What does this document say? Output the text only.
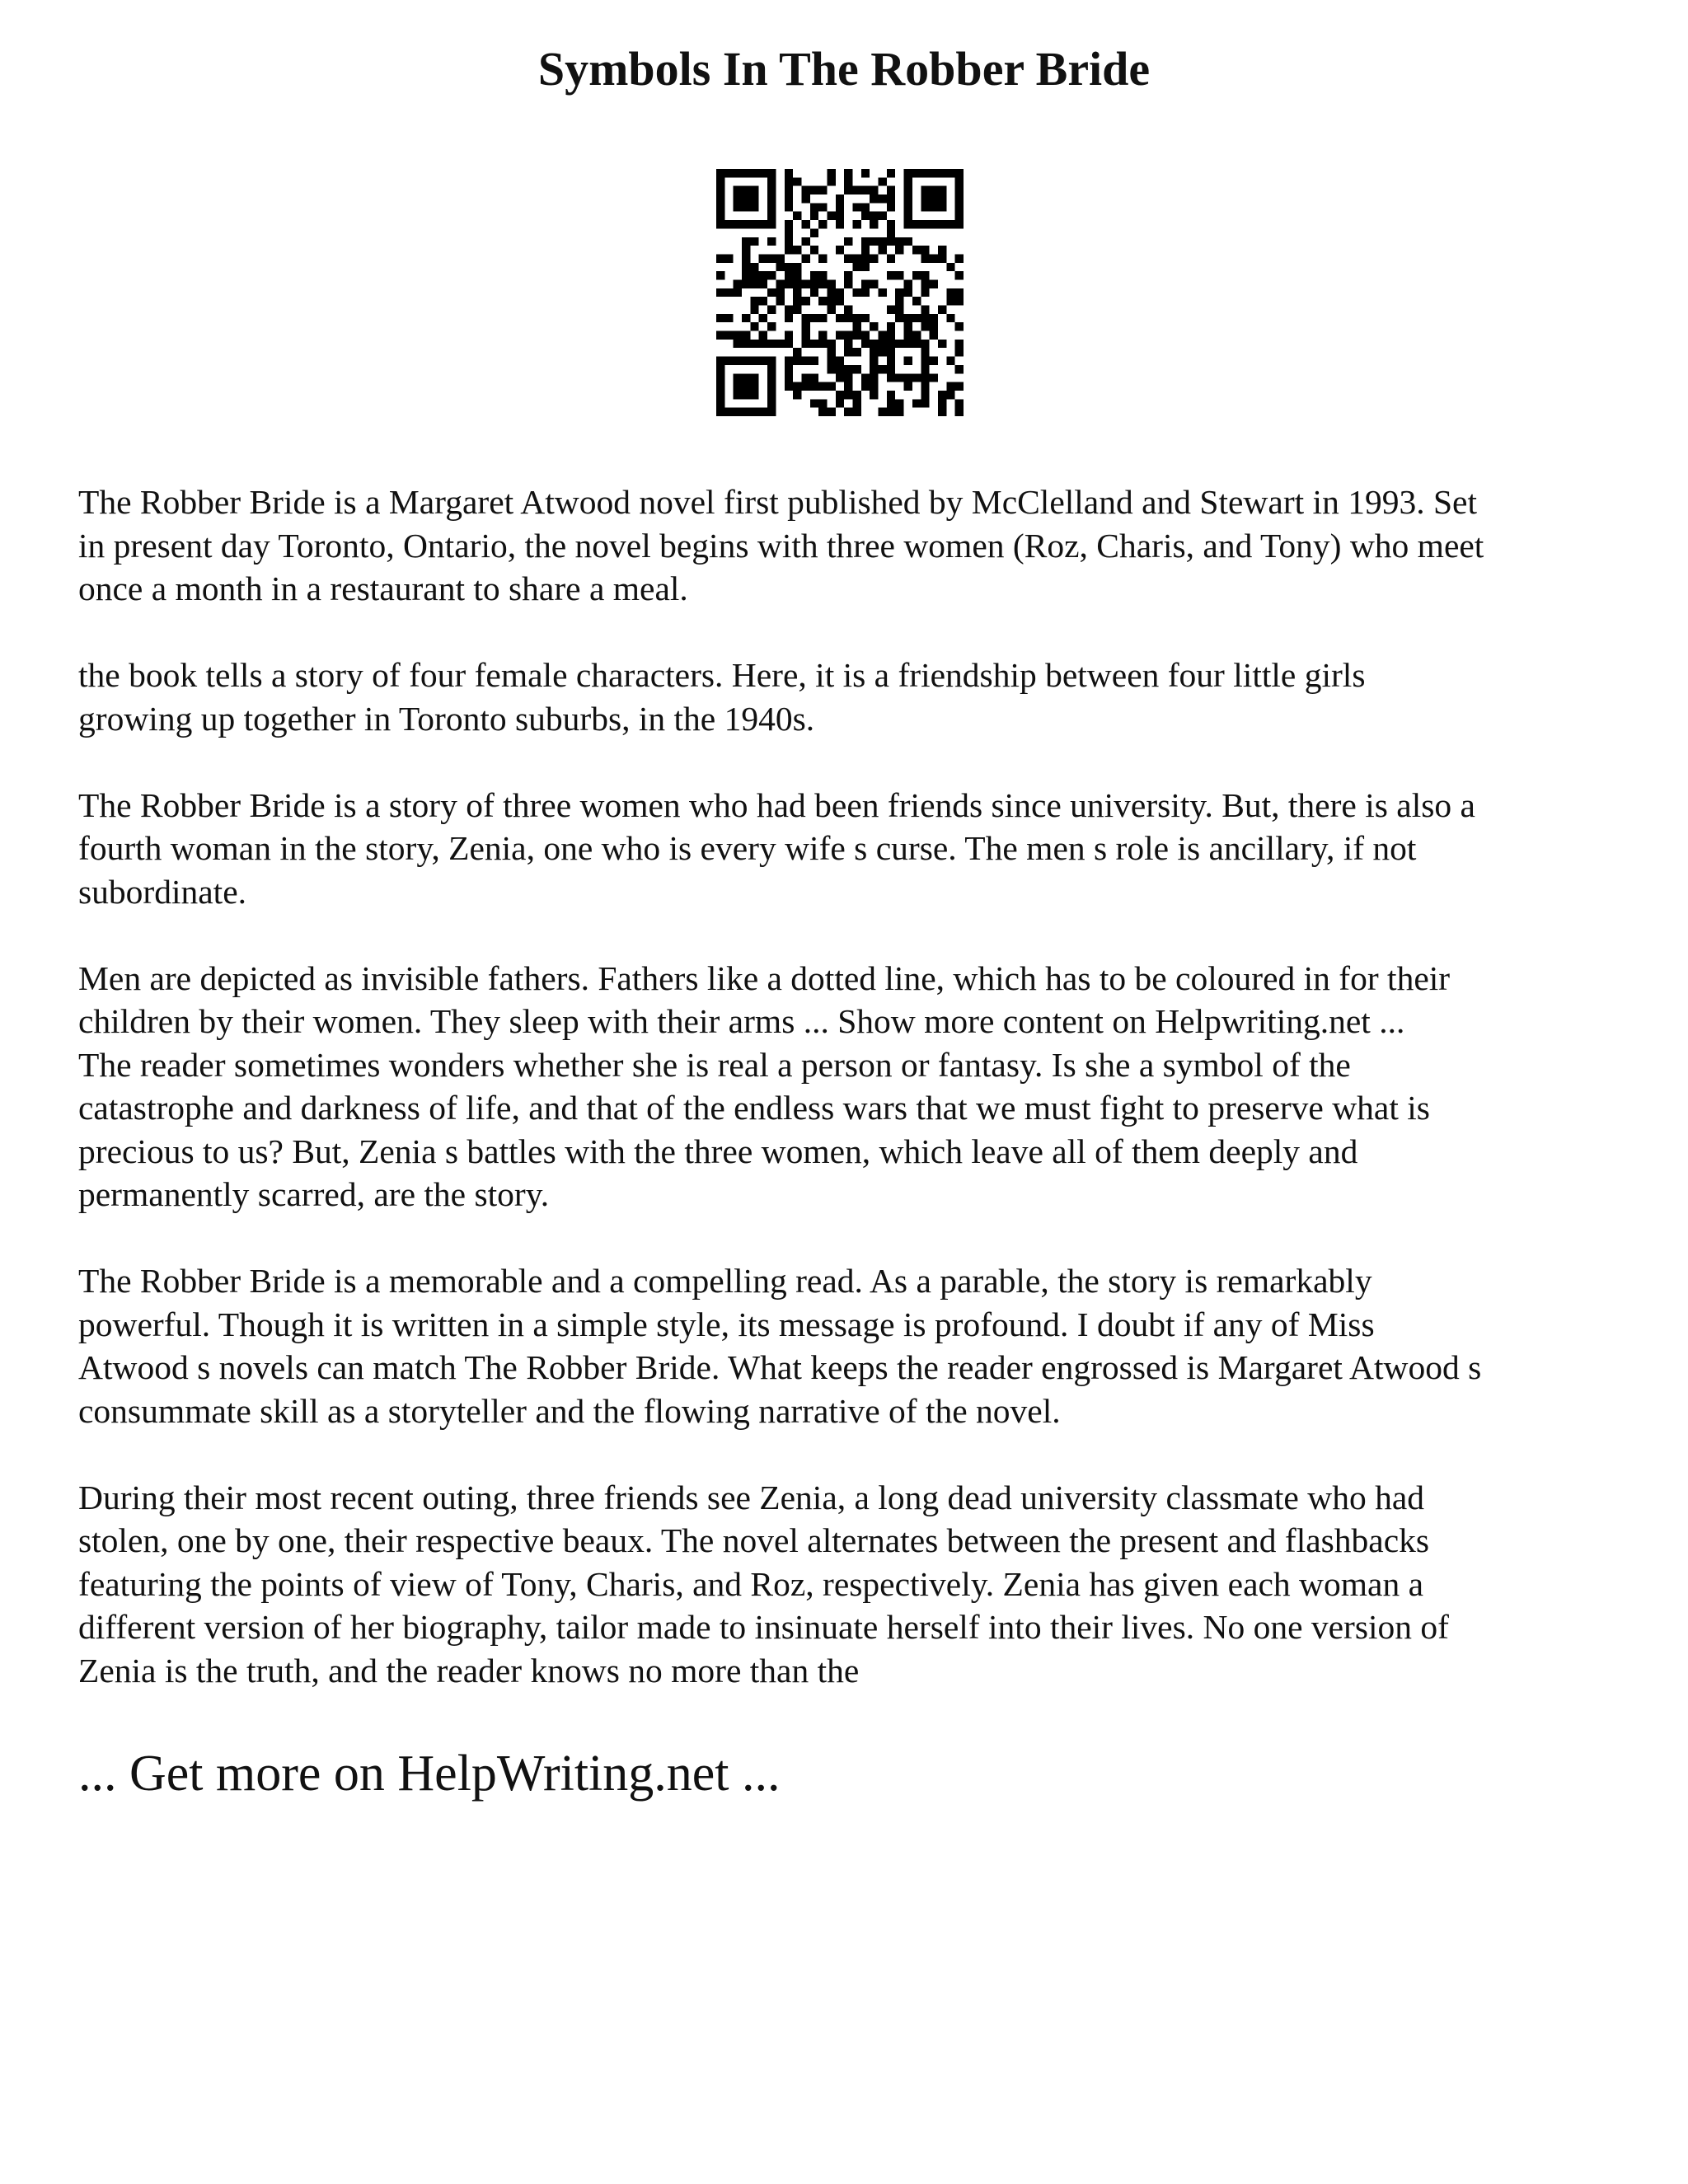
Symbols In The Robber Bride

The Robber Bride is a Margaret Atwood novel first published by McClelland and Stewart in 1993. Set
in present day Toronto, Ontario, the novel begins with three women (Roz, Charis, and Tony) who meet
once a month in a restaurant to share a meal.

the book tells a story of four female characters. Here, it is a friendship between four little girls
growing up together in Toronto suburbs, in the 1940s.

The Robber Bride is a story of three women who had been friends since university. But, there is also a
fourth woman in the story, Zenia, one who is every wife s curse. The men s role is ancillary, if not
subordinate.

Men are depicted as invisible fathers. Fathers like a dotted line, which has to be coloured in for their
children by their women. They sleep with their arms ... Show more content on Helpwriting.net ...
The reader sometimes wonders whether she is real a person or fantasy. Is she a symbol of the
catastrophe and darkness of life, and that of the endless wars that we must fight to preserve what is
precious to us? But, Zenia s battles with the three women, which leave all of them deeply and
permanently scarred, are the story.

The Robber Bride is a memorable and a compelling read. As a parable, the story is remarkably
powerful. Though it is written in a simple style, its message is profound. I doubt if any of Miss
Atwood s novels can match The Robber Bride. What keeps the reader engrossed is Margaret Atwood s
consummate skill as a storyteller and the flowing narrative of the novel.

During their most recent outing, three friends see Zenia, a long dead university classmate who had
stolen, one by one, their respective beaux. The novel alternates between the present and flashbacks
featuring the points of view of Tony, Charis, and Roz, respectively. Zenia has given each woman a
different version of her biography, tailor made to insinuate herself into their lives. No one version of
Zenia is the truth, and the reader knows no more than the

... Get more on HelpWriting.net ...
